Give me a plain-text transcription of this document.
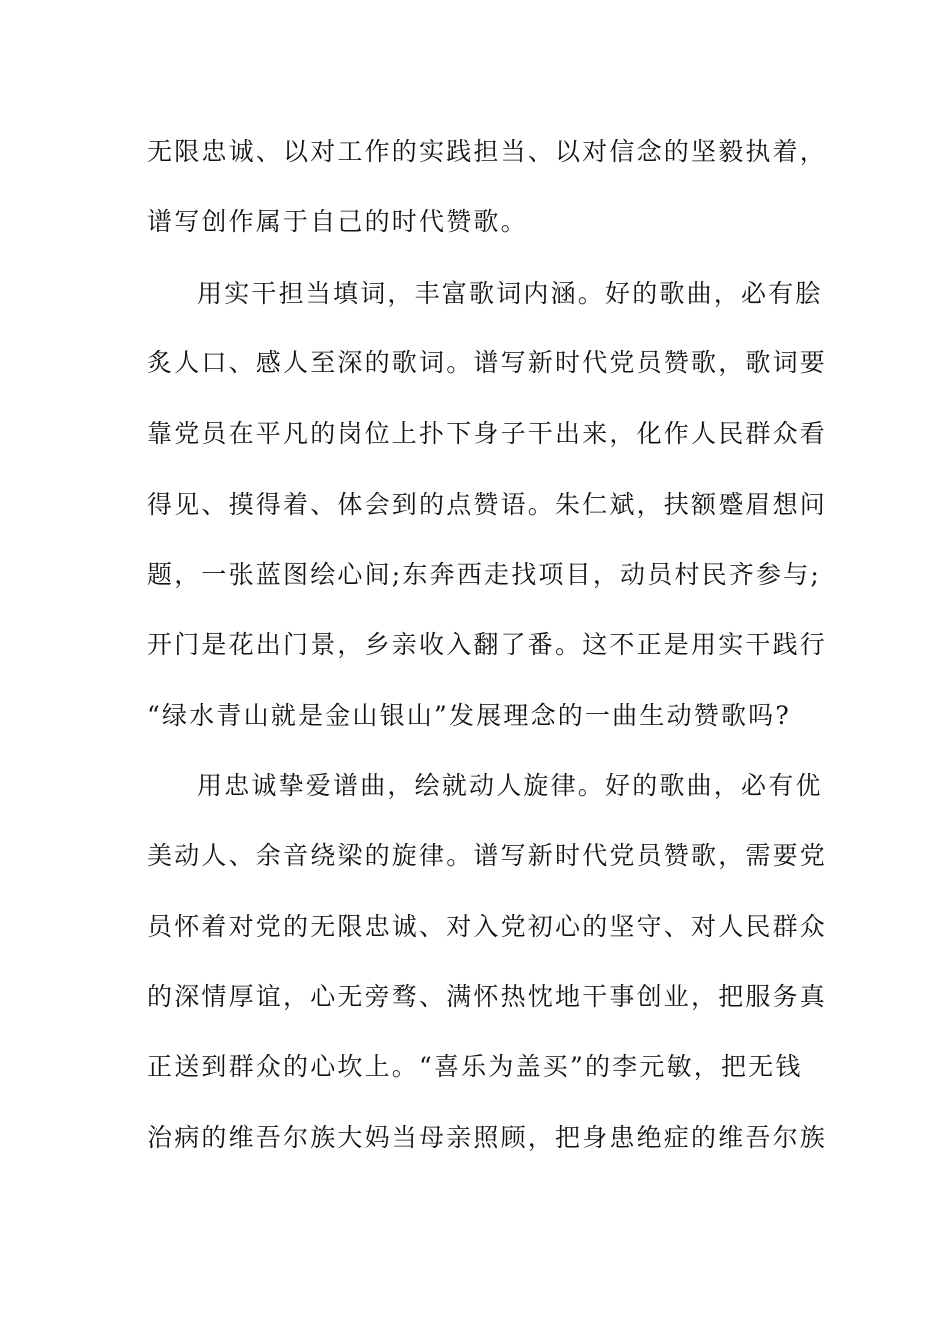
无限忠诚、以对工作的实践担当、以对信念的坚毅执着，
谱写创作属于自己的时代赞歌。
用实干担当填词，丰富歌词内涵。好的歌曲，必有脍
炙人口、感人至深的歌词。谱写新时代党员赞歌，歌词要
靠党员在平凡的岗位上扑下身子干出来，化作人民群众看
得见、摸得着、体会到的点赞语。朱仁斌，扶额蹙眉想问
题，一张蓝图绘心间;东奔西走找项目，动员村民齐参与;
开门是花出门景，乡亲收入翻了番。这不正是用实干践行
“绿水青山就是金山银山”发展理念的一曲生动赞歌吗?
用忠诚挚爱谱曲，绘就动人旋律。好的歌曲，必有优
美动人、余音绕梁的旋律。谱写新时代党员赞歌，需要党
员怀着对党的无限忠诚、对入党初心的坚守、对人民群众
的深情厚谊，心无旁骛、满怀热忱地干事创业，把服务真
正送到群众的心坎上。“喜乐为盖买”的李元敏，把无钱
治病的维吾尔族大妈当母亲照顾，把身患绝症的维吾尔族
